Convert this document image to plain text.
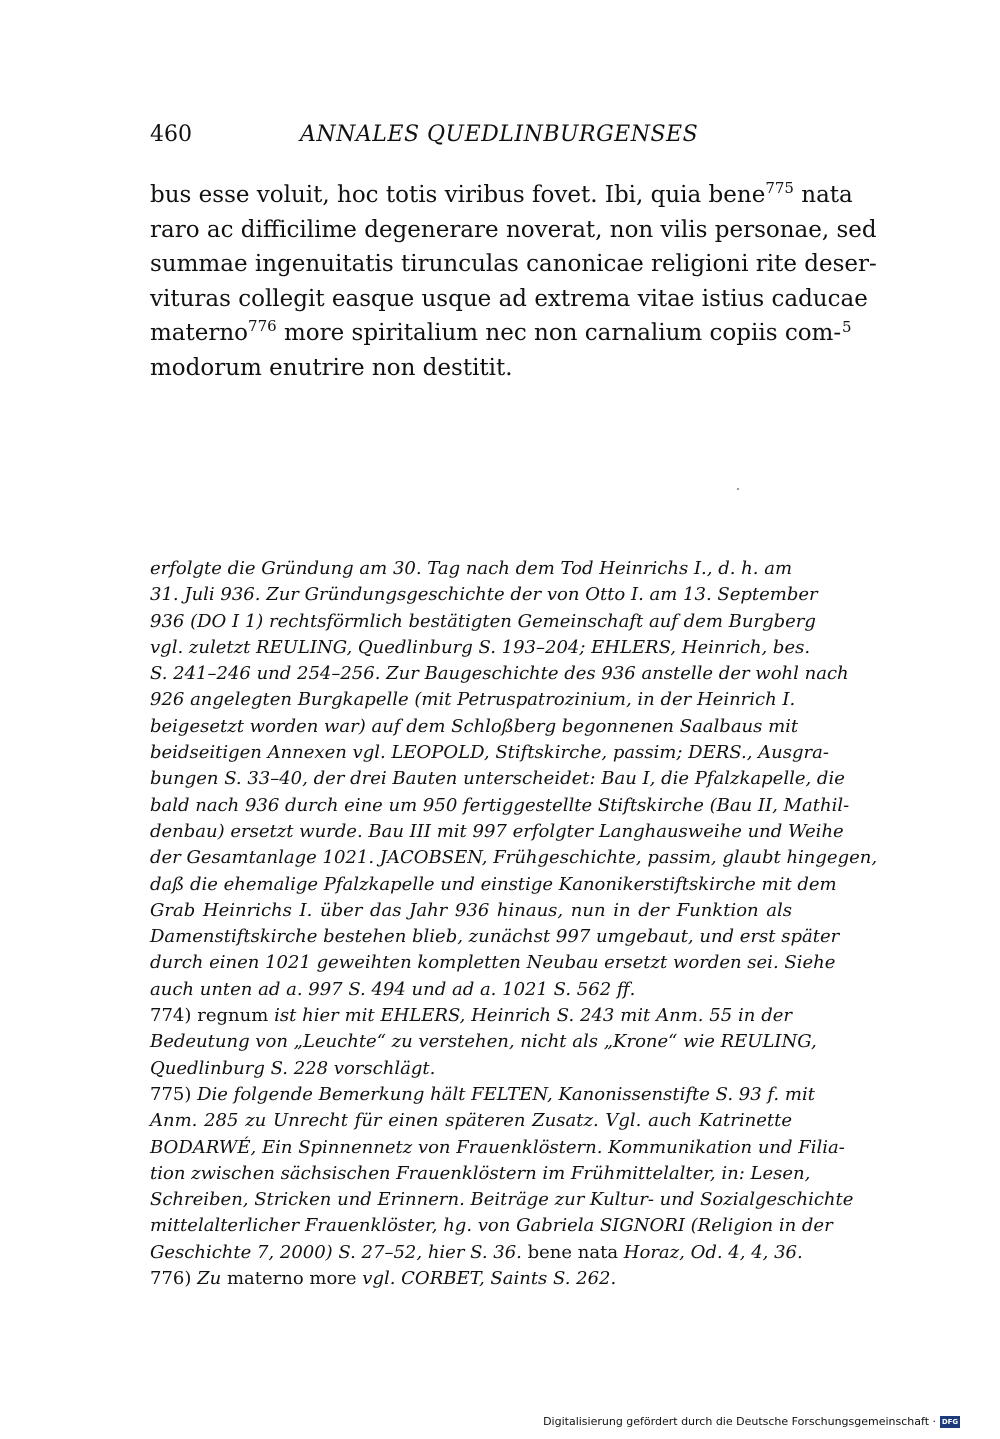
460	ANNALES QUEDLINBURGENSES
bus esse voluit, hoc totis viribus fovet. Ibi, quia bene$^{775}$ nata
raro ac difficilime degenerare noverat, non vilis personae, sed
summae ingenuitatis tirunculas canonicae religioni rite deser-
vituras collegit easque usque ad extrema vitae istius caducae
materno$^{776}$ more spiritalium nec non carnalium copiis com-
modorum enutrire non destitit.
5
erfolgte die Gründung am 30. Tag nach dem Tod Heinrichs I., d. h. am
31. Juli 936. Zur Gründungsgeschichte der von Otto I. am 13. September
936 (DO I 1) rechtsförmlich bestätigten Gemeinschaft auf dem Burgberg
vgl. zuletzt REULING, Quedlinburg S. 193–204; EHLERS, Heinrich, bes.
S. 241–246 und 254–256. Zur Baugeschichte des 936 anstelle der wohl nach
926 angelegten Burgkapelle (mit Petruspatrozinium, in der Heinrich I.
beigesetzt worden war) auf dem Schloßberg begonnenen Saalbaus mit
beidseitigen Annexen vgl. LEOPOLD, Stiftskirche, passim; DERS., Ausgra-
bungen S. 33–40, der drei Bauten unterscheidet: Bau I, die Pfalzkapelle, die
bald nach 936 durch eine um 950 fertiggestellte Stiftskirche (Bau II, Mathil-
denbau) ersetzt wurde. Bau III mit 997 erfolgter Langhausweihe und Weihe
der Gesamtanlage 1021. JACOBSEN, Frühgeschichte, passim, glaubt hingegen,
daß die ehemalige Pfalzkapelle und einstige Kanonikerstiftskirche mit dem
Grab Heinrichs I. über das Jahr 936 hinaus, nun in der Funktion als
Damenstiftskirche bestehen blieb, zunächst 997 umgebaut, und erst später
durch einen 1021 geweihten kompletten Neubau ersetzt worden sei. Siehe
auch unten ad a. 997 S. 494 und ad a. 1021 S. 562 ff.
774) regnum ist hier mit EHLERS, Heinrich S. 243 mit Anm. 55 in der
Bedeutung von „Leuchte“ zu verstehen, nicht als „Krone“ wie REULING,
Quedlinburg S. 228 vorschlägt.
775) Die folgende Bemerkung hält FELTEN, Kanonissenstifte S. 93 f. mit
Anm. 285 zu Unrecht für einen späteren Zusatz. Vgl. auch Katrinette
BODARWÉ, Ein Spinnennetz von Frauenklöstern. Kommunikation und Filia-
tion zwischen sächsischen Frauenklöstern im Frühmittelalter, in: Lesen,
Schreiben, Stricken und Erinnern. Beiträge zur Kultur- und Sozialgeschichte
mittelalterlicher Frauenklöster, hg. von Gabriela SIGNORI (Religion in der
Geschichte 7, 2000) S. 27–52, hier S. 36. bene nata Horaz, Od. 4, 4, 36.
776) Zu materno more vgl. CORBET, Saints S. 262.
Digitalisierung gefördert durch die Deutsche Forschungsgemeinschaft · DFG
